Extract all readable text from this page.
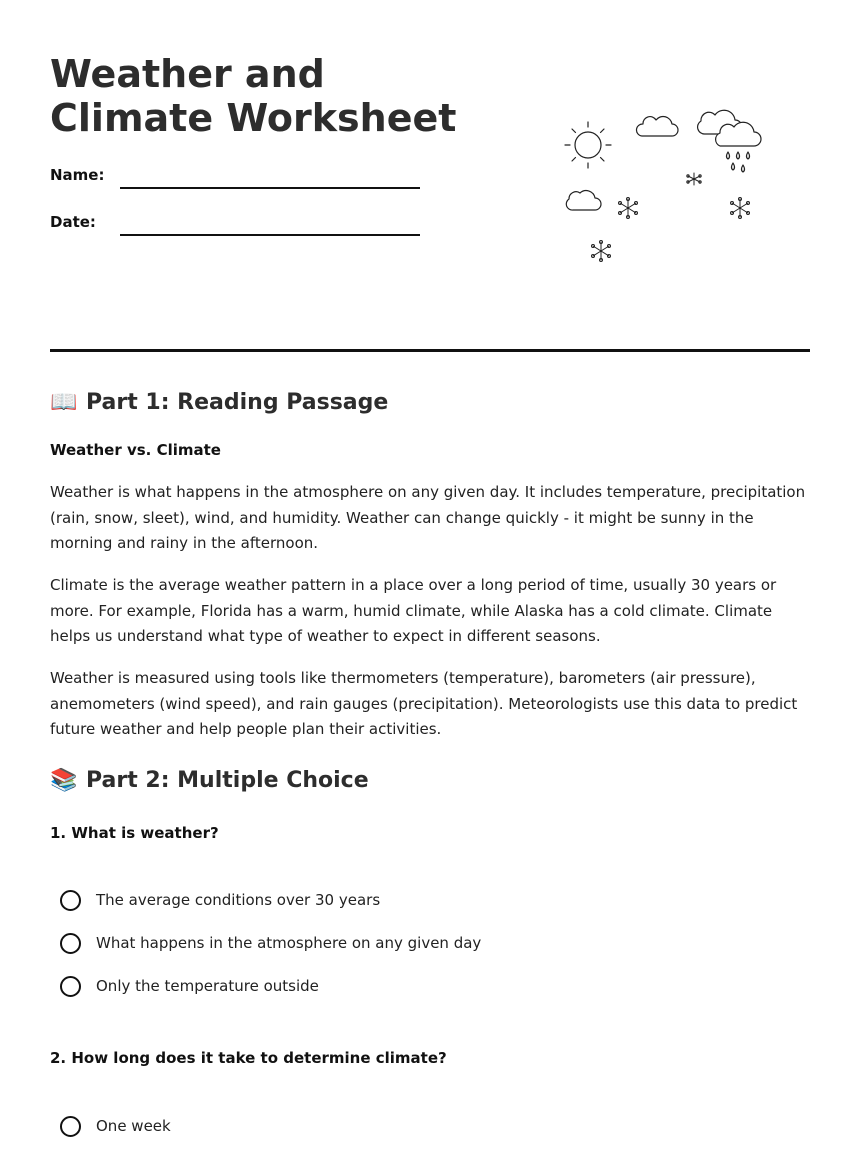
Weather and Climate Worksheet
Name:
Date:
📖 Part 1: Reading Passage
Weather vs. Climate

Weather is what happens in the atmosphere on any given day. It includes temperature, precipitation (rain, snow, sleet), wind, and humidity. Weather can change quickly - it might be sunny in the morning and rainy in the afternoon.

Climate is the average weather pattern in a place over a long period of time, usually 30 years or more. For example, Florida has a warm, humid climate, while Alaska has a cold climate. Climate helps us understand what type of weather to expect in different seasons.

Weather is measured using tools like thermometers (temperature), barometers (air pressure), anemometers (wind speed), and rain gauges (precipitation). Meteorologists use this data to predict future weather and help people plan their activities.

📚 Part 2: Multiple Choice
1. What is weather?
The average conditions over 30 years
What happens in the atmosphere on any given day
Only the temperature outside
2. How long does it take to determine climate?
One week
